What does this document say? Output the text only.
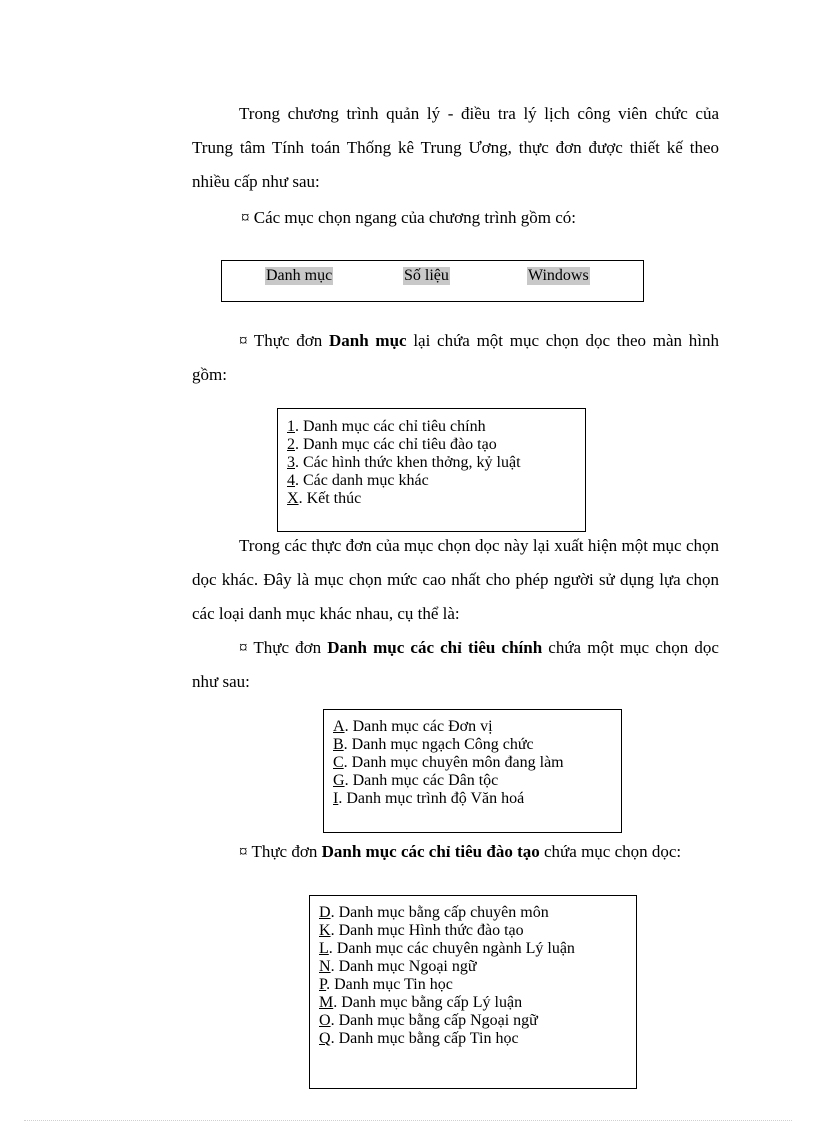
Trong chương trình quản lý - điều tra lý lịch công viên chức của Trung tâm Tính toán Thống kê Trung Ương, thực đơn được thiết kế theo nhiều cấp như sau:

¤ Các mục chọn ngang của chương trình gồm có:
Danh mục	Số liệu	Windows

¤ Thực đơn Danh mục lại chứa một mục chọn dọc theo màn hình gồm:

1. Danh mục các chỉ tiêu chính
2. Danh mục các chỉ tiêu đào tạo
3. Các hình thức khen thởng, kỷ luật
4. Các danh mục khác
X. Kết thúc

Trong các thực đơn của mục chọn dọc này lại xuất hiện một mục chọn dọc khác. Đây là mục chọn mức cao nhất cho phép người sử dụng lựa chọn các loại danh mục khác nhau, cụ thể là:

¤ Thực đơn Danh mục các chỉ tiêu chính chứa một mục chọn dọc như sau:

A. Danh mục các Đơn vị
B. Danh mục ngạch Công chức
C. Danh mục chuyên môn đang làm
G. Danh mục các Dân tộc
I. Danh mục trình độ Văn hoá

¤ Thực đơn Danh mục các chỉ tiêu đào tạo chứa mục chọn dọc:

D. Danh mục bằng cấp chuyên môn
K. Danh mục Hình thức đào tạo
L. Danh mục các chuyên ngành Lý luận
N. Danh mục Ngoại ngữ
P. Danh mục Tin học
M. Danh mục bằng cấp Lý luận
O. Danh mục bằng cấp Ngoại ngữ
Q. Danh mục bằng cấp Tin học
